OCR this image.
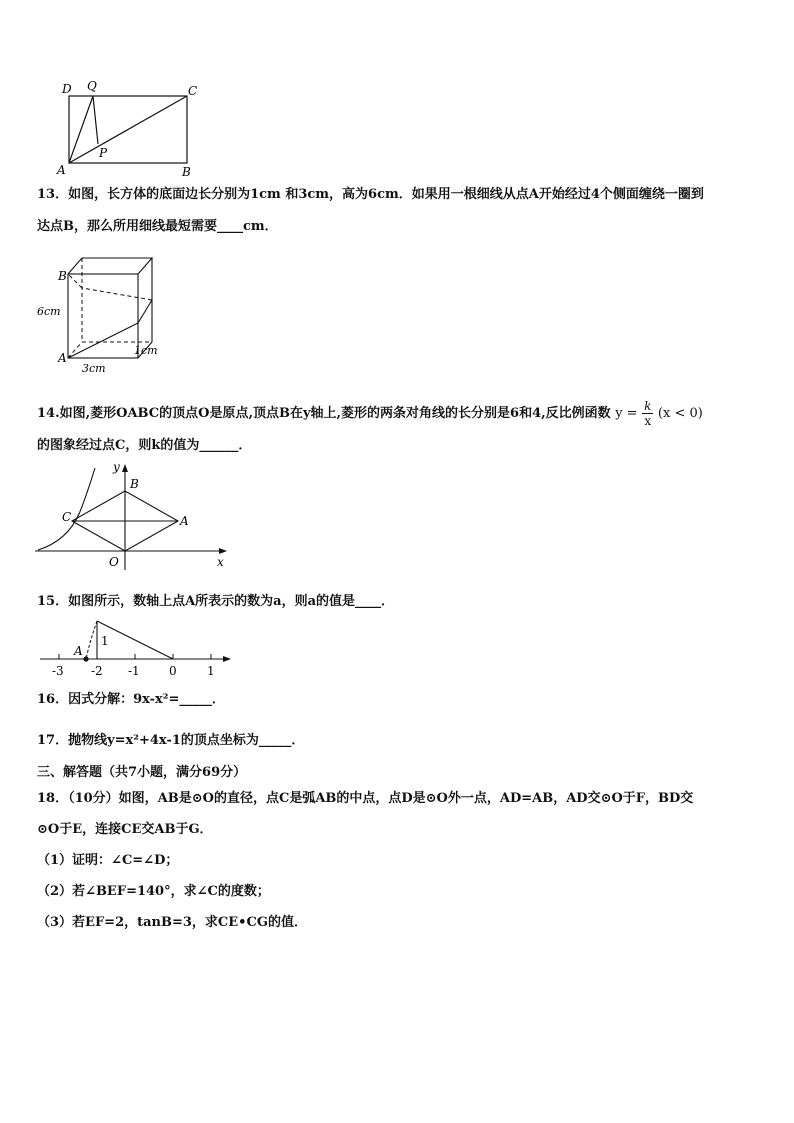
D Q	C
A
P
B
13．如图，长方体的底面边长分别为1cm 和3cm，高为6cm．如果用一根细线从点A开始经过4个侧面缠绕一圈到
达点B，那么所用细线最短需要____cm．
B
A
6cm
3cm
1cm
14.如图,菱形OABC的顶点O是原点,顶点B在y轴上,菱形的两条对角线的长分别是6和4,反比例函数 $y = \frac{k}{x} (x < 0)$
的图象经过点C，则k的值为______．
y
B
C	A
O	x
15．如图所示，数轴上点A所表示的数为a，则a的值是____．
A
1
-3 -2 -1 0	1
16．因式分解：9x-x²=_____．
17．抛物线y=x²+4x-1的顶点坐标为_____．
三、解答题（共7小题，满分69分）
18．（10分）如图，AB是⊙O的直径，点C是弧AB的中点，点D是⊙O外一点，AD=AB，AD交⊙O于F，BD交
⊙O于E，连接CE交AB于G．
（1）证明：∠C=∠D；
（2）若∠BEF=140°，求∠C的度数；
（3）若EF=2，tanB=3，求CE•CG的值．
